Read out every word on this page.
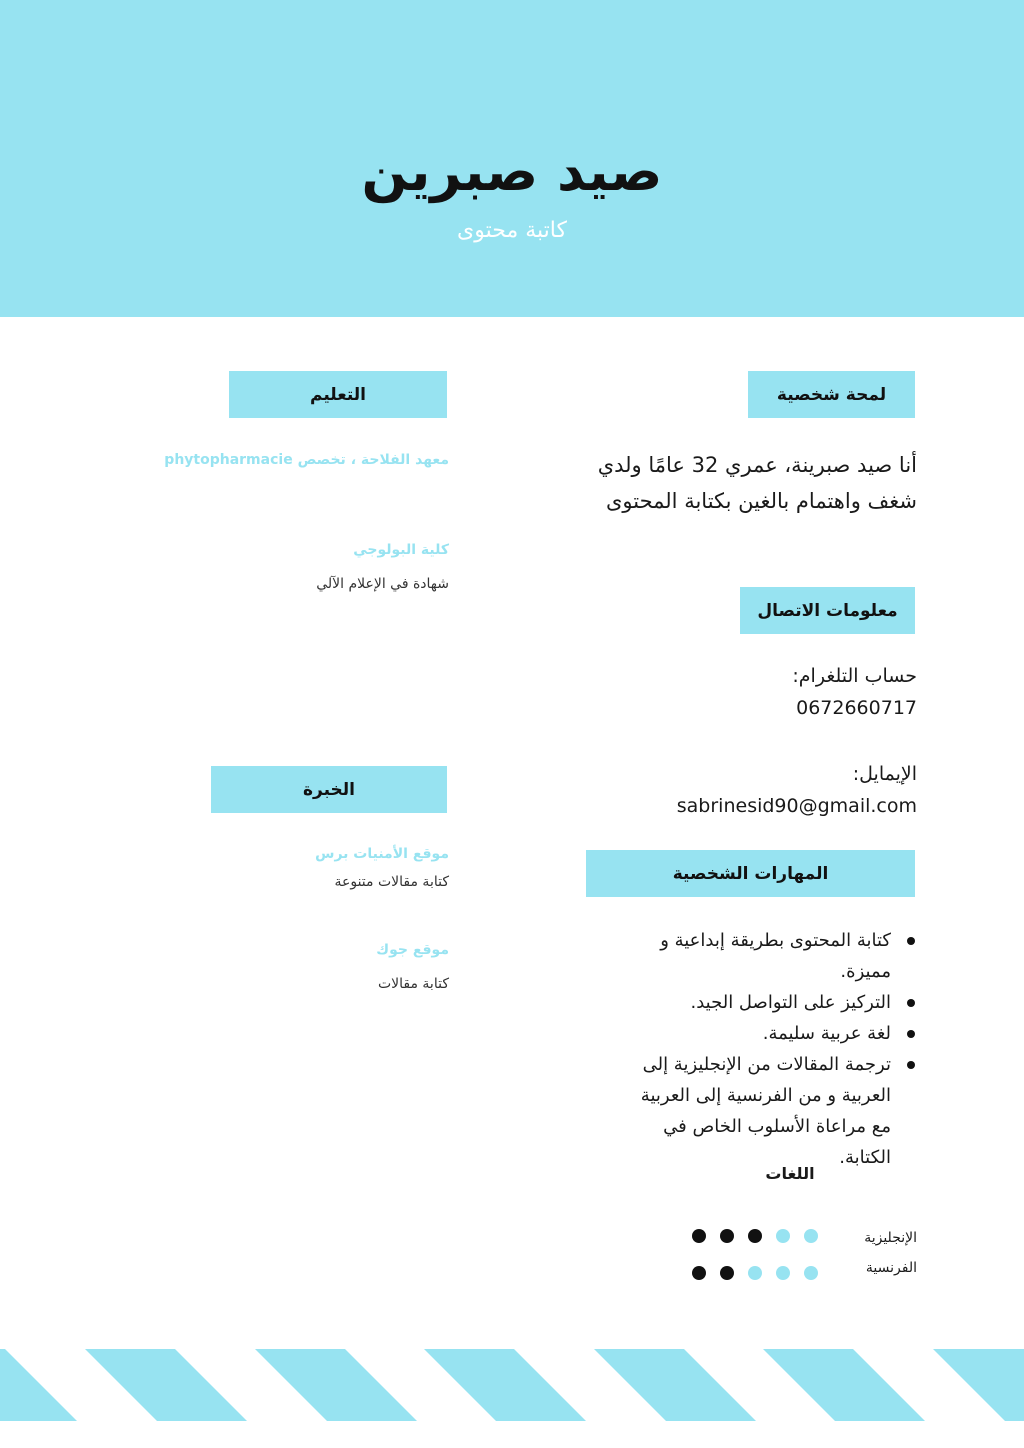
صيد صبرين
كاتبة محتوى
لمحة شخصية
أنا صيد صبرينة، عمري 32 عامًا ولدي شغف واهتمام بالغين بكتابة المحتوى
معلومات الاتصال
حساب التلغرام:
0672660717
الإيمايل:
sabrinesid90@gmail.com
المهارات الشخصية
كتابة المحتوى بطريقة إبداعية و مميزة.
التركيز على التواصل الجيد.
لغة عربية سليمة.
ترجمة المقالات من الإنجليزية إلى العربية و من الفرنسية إلى العربية مع مراعاة الأسلوب الخاص في الكتابة.
اللغات
الإنجليزية
الفرنسية
التعليم
معهد الفلاحة ، تخصص phytopharmacie
كلية البولوجي
شهادة في الإعلام الآلي
الخبرة
موقع الأمنيات برس
كتابة مقالات متنوعة
موقع جوك
كتابة مقالات
